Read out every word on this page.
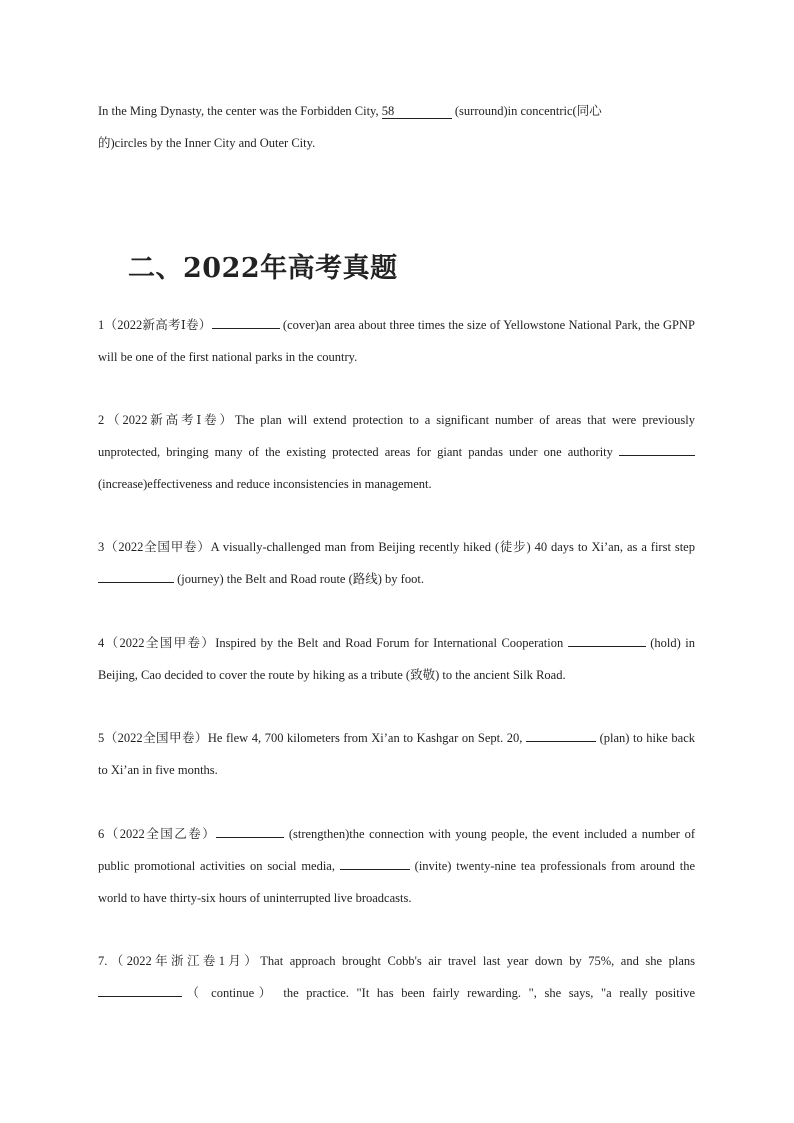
In the Ming Dynasty, the center was the Forbidden City, 58	(surround)in concentric(同心
的)circles by the Inner City and Outer City.

二、2022年高考真题

1（2022新高考Ⅰ卷）	(cover)an area about three times the size of Yellowstone National Park, the GPNP will be one of the first national parks in the country.

2（2022新高考Ⅰ卷）The plan will extend protection to a significant number of areas that were previously unprotected, bringing many of the existing protected areas for giant pandas under one authority  (increase)effectiveness and reduce inconsistencies in management.

3（2022全国甲卷）A visually-challenged man from Beijing recently hiked (徒步) 40 days to Xi’an, as a first step  (journey) the Belt and Road route (路线) by foot.

4（2022全国甲卷）Inspired by the Belt and Road Forum for International Cooperation	(hold) in Beijing, Cao decided to cover the route by hiking as a tribute (致敬) to the ancient Silk Road.

5（2022全国甲卷）He flew 4, 700 kilometers from Xi’an to Kashgar on Sept. 20,	(plan) to hike back to Xi’an in five months.

6（2022全国乙卷）	(strengthen)the connection with young people, the event included a number of public promotional activities on social media,	(invite) twenty-nine tea professionals from around the world to have thirty-six hours of uninterrupted live broadcasts.

7.（2022年浙江卷1月）That approach brought Cobb's air travel last year down by 75%, and she plans （ continue） the practice. "It has been fairly rewarding. ", she says, "a really positive
